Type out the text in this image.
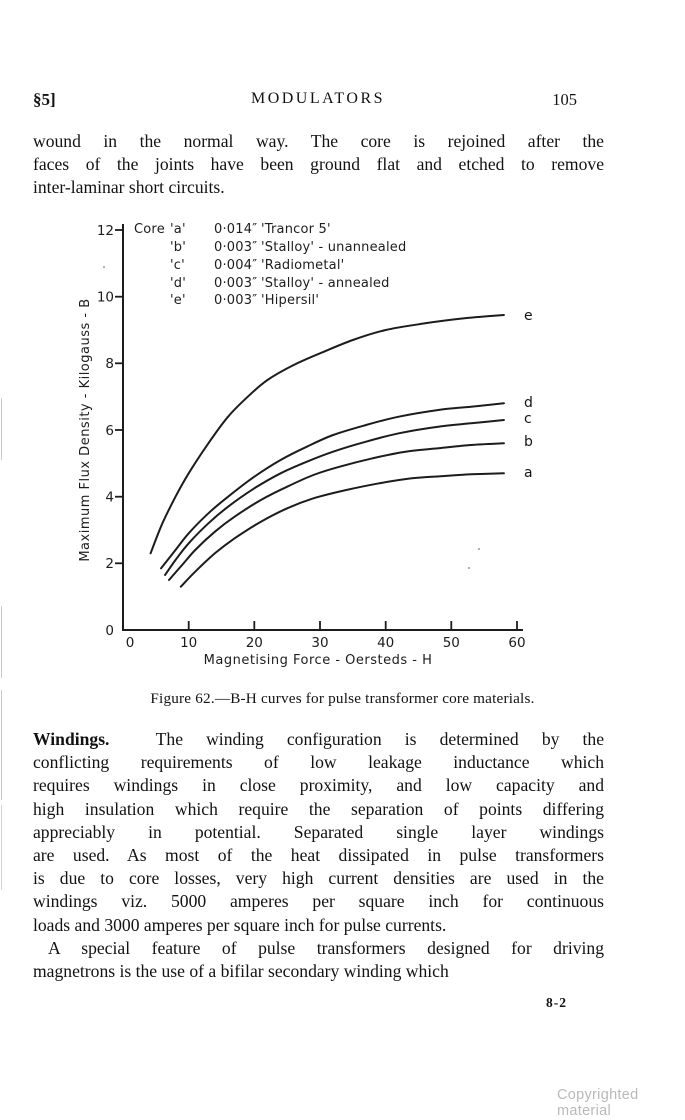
§5]	MODULATORS	105
wound in the normal way. The core is rejoined after the
faces of the joints have been ground flat and etched to remove
inter-laminar short circuits.
12
10
8
6
4
2
0
0	10	20	30	40	50	60
Maximum Flux Density - Kilogauss - B
Magnetising Force - Oersteds - H
e
d
c
b
a
Core 'a' 0·014″ 'Trancor 5'
'b' 0·003″ 'Stalloy' - unannealed
'c' 0·004″ 'Radiometal'
'd' 0·003″ 'Stalloy' - annealed
'e' 0·003″ 'Hipersil'
Figure 62.—B-H curves for pulse transformer core materials.
Windings.	The winding configuration is determined by the
conflicting requirements of low leakage inductance which
requires windings in close proximity, and low capacity and
high insulation which require the separation of points differing
appreciably in potential. Separated single layer windings
are used. As most of the heat dissipated in pulse transformers
is due to core losses, very high current densities are used in the
windings viz. 5000 amperes per square inch for continuous
loads and 3000 amperes per square inch for pulse currents.
A special feature of pulse transformers designed for driving
magnetrons is the use of a bifilar secondary winding which
8-2
Copyrighted material
